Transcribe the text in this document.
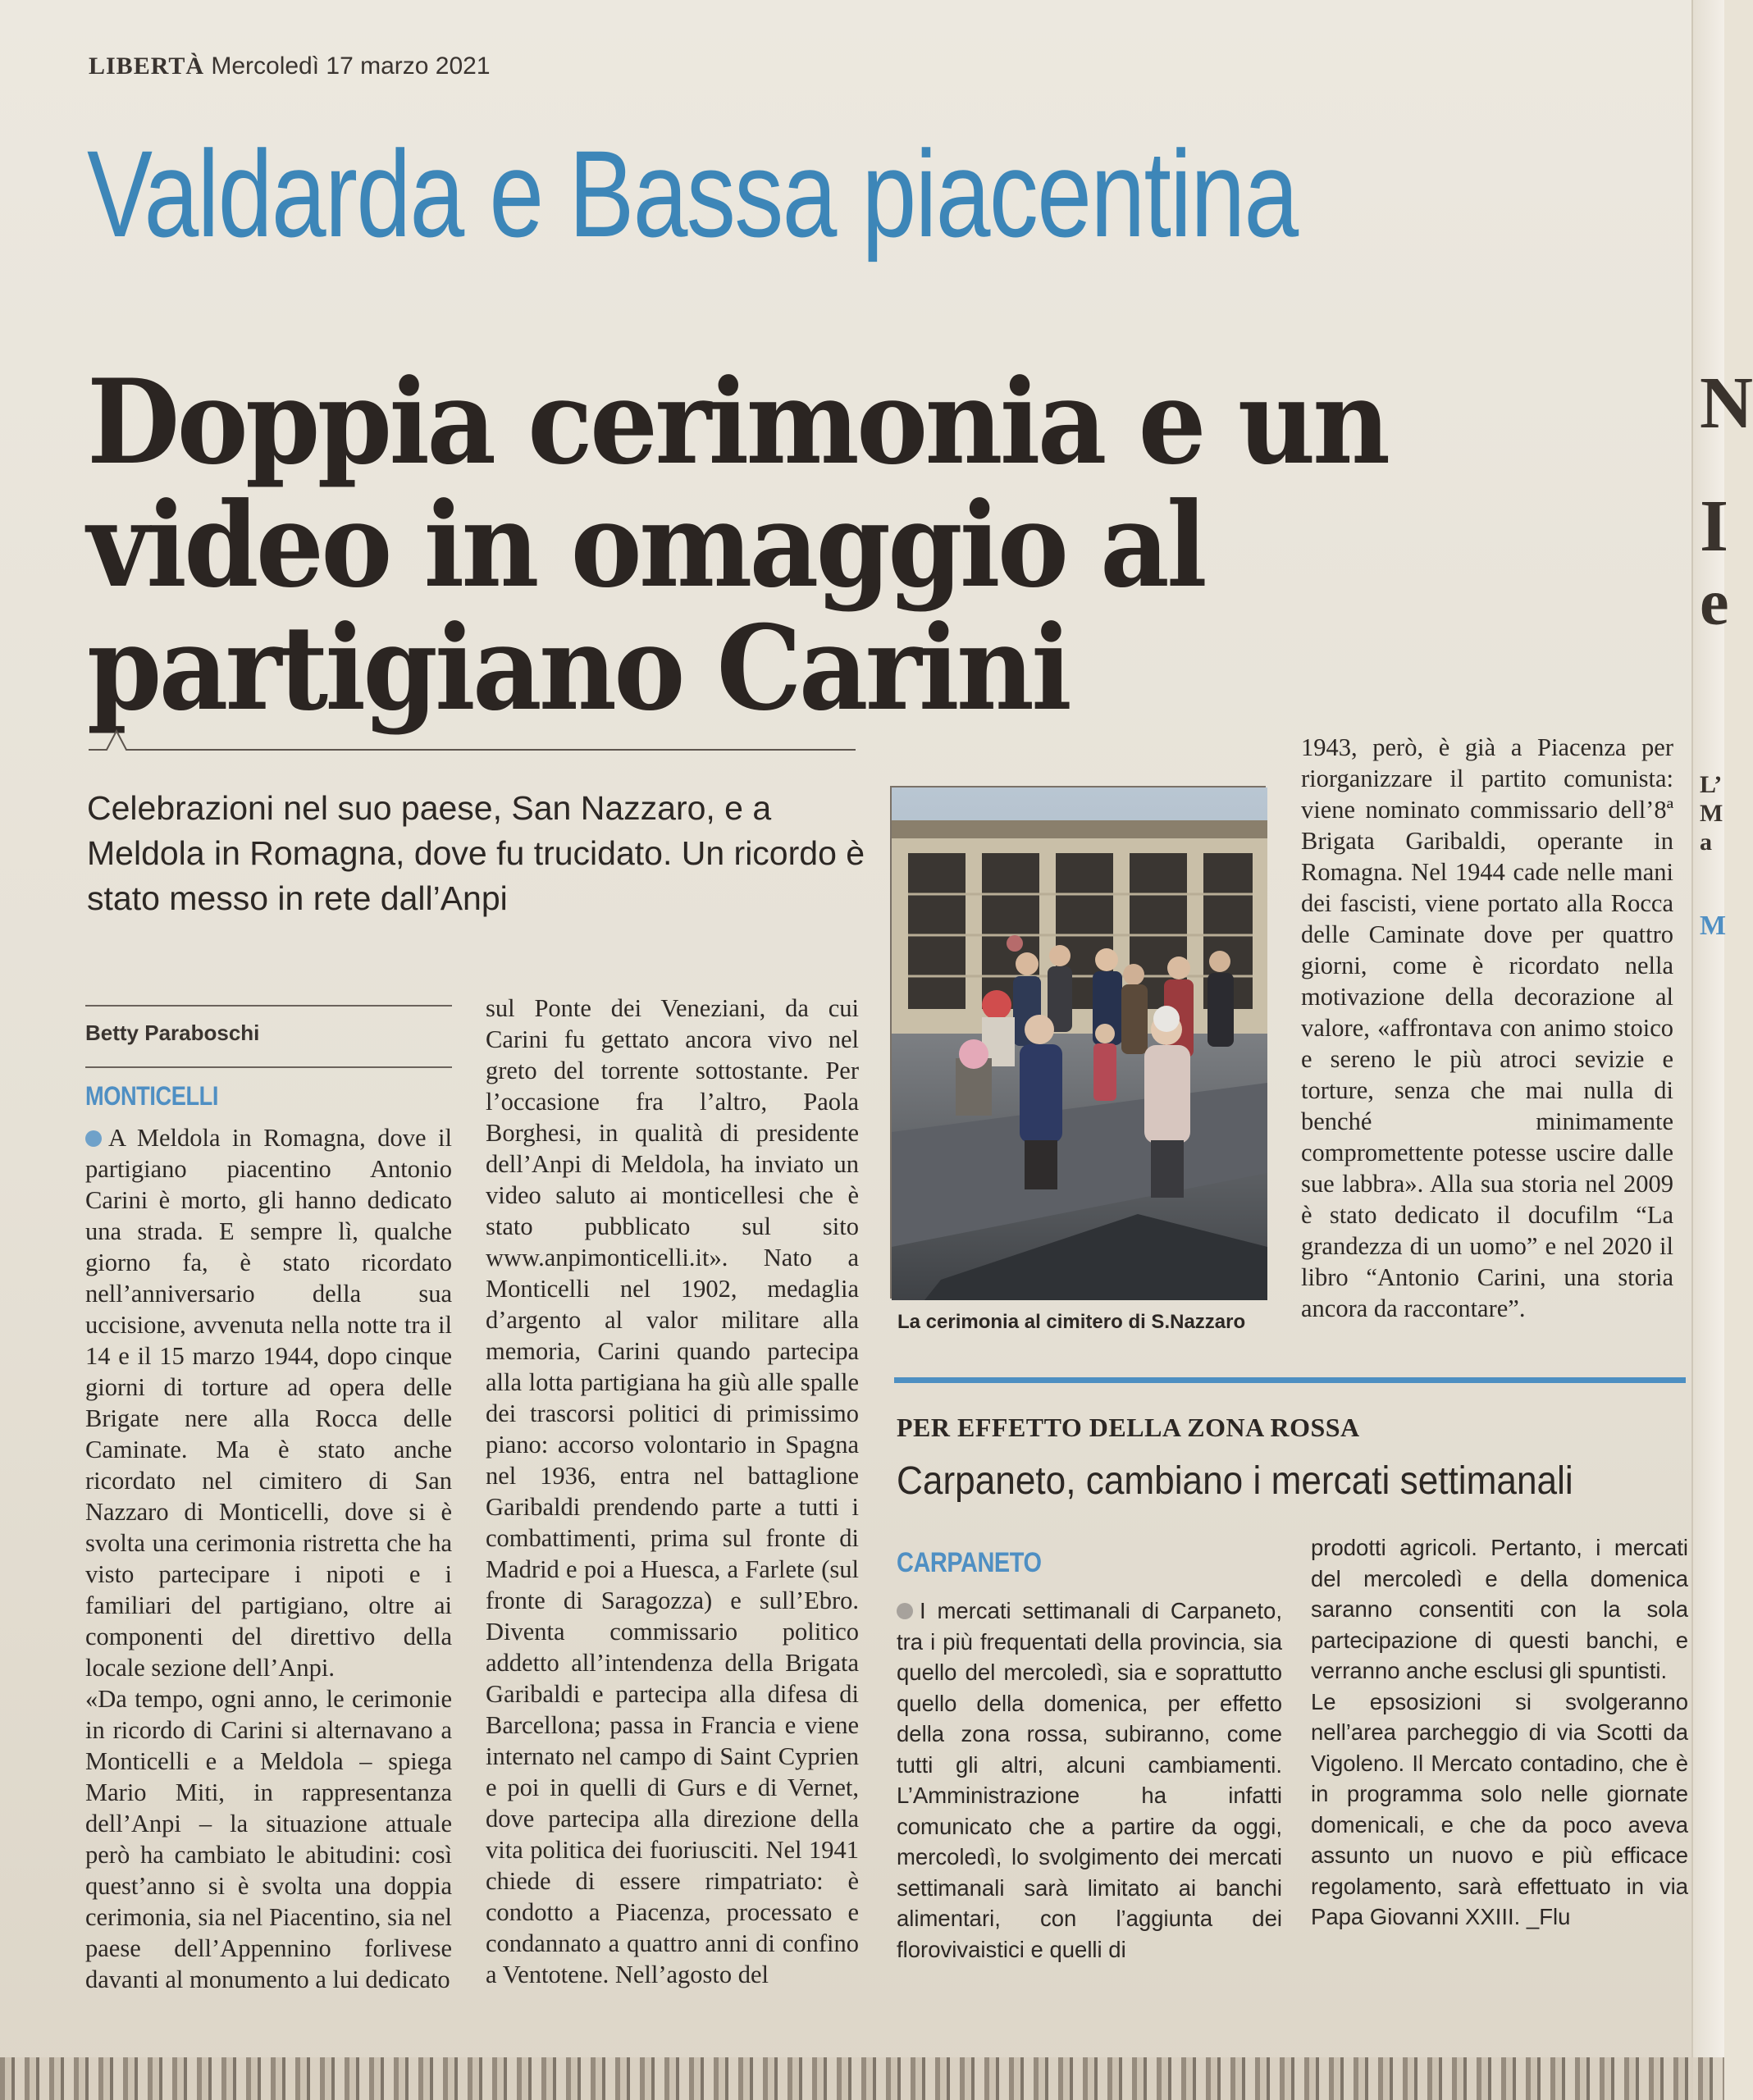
LIBERTÀ Mercoledì 17 marzo 2021
Valdarda e Bassa piacentina
Doppia cerimonia e un video in omaggio al partigiano Carini
Celebrazioni nel suo paese, San Nazzaro, e a Meldola in Romagna, dove fu trucidato. Un ricordo è stato messo in rete dall’Anpi
Betty Paraboschi
MONTICELLI

A Meldola in Romagna, dove il partigiano piacentino Antonio Carini è morto, gli hanno dedicato una strada. E sempre lì, qualche giorno fa, è stato ricordato nell’anniversario della sua uccisione, avvenuta nella notte tra il 14 e il 15 marzo 1944, dopo cinque giorni di torture ad opera delle Brigate nere alla Rocca delle Caminate. Ma è stato anche ricordato nel cimitero di San Nazzaro di Monticelli, dove si è svolta una cerimonia ristretta che ha visto partecipare i nipoti e i familiari del partigiano, oltre ai componenti del direttivo della locale sezione dell’Anpi.

«Da tempo, ogni anno, le cerimonie in ricordo di Carini si alternavano a Monticelli e a Meldola – spiega Mario Miti, in rappresentanza dell’Anpi – la situazione attuale però ha cambiato le abitudini: così quest’anno si è svolta una doppia cerimonia, sia nel Piacentino, sia nel paese dell’Appennino forlivese davanti al monumento a lui dedicato

sul Ponte dei Veneziani, da cui Carini fu gettato ancora vivo nel greto del torrente sottostante. Per l’occasione fra l’altro, Paola Borghesi, in qualità di presidente dell’Anpi di Meldola, ha inviato un video saluto ai monticellesi che è stato pubblicato sul sito www.anpimonticelli.it». Nato a Monticelli nel 1902, medaglia d’argento al valor militare alla memoria, Carini quando partecipa alla lotta partigiana ha giù alle spalle dei trascorsi politici di primissimo piano: accorso volontario in Spagna nel 1936, entra nel battaglione Garibaldi prendendo parte a tutti i combattimenti, prima sul fronte di Madrid e poi a Huesca, a Farlete (sul fronte di Saragozza) e sull’Ebro. Diventa commissario politico addetto all’intendenza della Brigata Garibaldi e partecipa alla difesa di Barcellona; passa in Francia e viene internato nel campo di Saint Cyprien e poi in quelli di Gurs e di Vernet, dove partecipa alla direzione della vita politica dei fuoriusciti. Nel 1941 chiede di essere rimpatriato: è condotto a Piacenza, processato e condannato a quattro anni di confino a Ventotene. Nell’agosto del
La cerimonia al cimitero di S.Nazzaro
1943, però, è già a Piacenza per riorganizzare il partito comunista: viene nominato commissario dell’8ª Brigata Garibaldi, operante in Romagna. Nel 1944 cade nelle mani dei fascisti, viene portato alla Rocca delle Caminate dove per quattro giorni, come è ricordato nella motivazione della decorazione al valore, «affrontava con animo stoico e sereno le più atroci sevizie e torture, senza che mai nulla di benché minimamente compromettente potesse uscire dalle sue labbra». Alla sua storia nel 2009 è stato dedicato il docufilm “La grandezza di un uomo” e nel 2020 il libro “Antonio Carini, una storia ancora da raccontare”.
PER EFFETTO DELLA ZONA ROSSA
Carpaneto, cambiano i mercati settimanali
CARPANETO

I mercati settimanali di Carpaneto, tra i più frequentati della provincia, sia quello del mercoledì, sia e soprattutto quello della domenica, per effetto della zona rossa, subiranno, come tutti gli altri, alcuni cambiamenti. L’Amministrazione ha infatti comunicato che a partire da oggi, mercoledì, lo svolgimento dei mercati settimanali sarà limitato ai banchi alimentari, con l’aggiunta dei florovivaistici e quelli di

prodotti agricoli. Pertanto, i mercati del mercoledì e della domenica saranno consentiti con la sola partecipazione di questi banchi, e verranno anche esclusi gli spuntisti.

Le epsosizioni si svolgeranno nell’area parcheggio di via Scotti da Vigoleno. Il Mercato contadino, che è in programma solo nelle giornate domenicali, e che da poco aveva assunto un nuovo e più efficace regolamento, sarà effettuato in via Papa Giovanni XXIII. _Flu

N
I
e
L’
M
a
M
